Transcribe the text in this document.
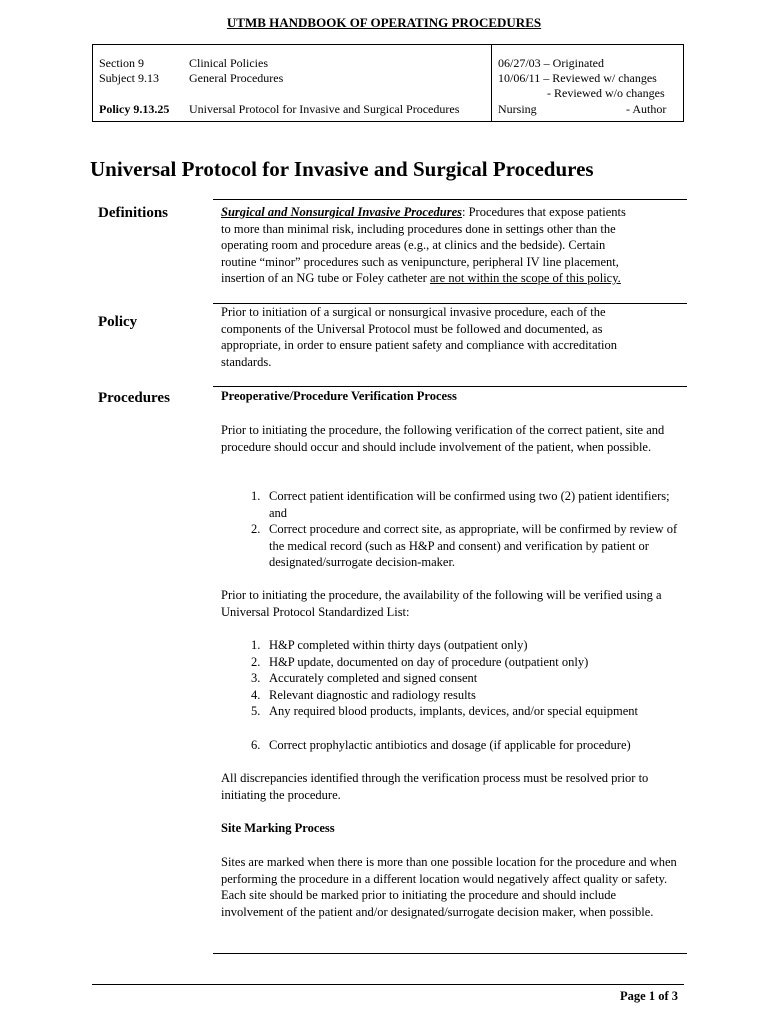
UTMB HANDBOOK OF OPERATING PROCEDURES
Section 9	Clinical Policies
Subject 9.13	General Procedures
Policy 9.13.25 Universal Protocol for Invasive and Surgical Procedures
06/27/03 – Originated
10/06/11 – Reviewed w/ changes
- Reviewed w/o changes
Nursing	- Author
Universal Protocol for Invasive and Surgical Procedures
Definitions	Surgical and Nonsurgical Invasive Procedures: Procedures that expose patients

to more than minimal risk, including procedures done in settings other than the

operating room and procedure areas (e.g., at clinics and the bedside). Certain

routine “minor” procedures such as venipuncture, peripheral IV line placement,

insertion of an NG tube or Foley catheter are not within the scope of this policy.

Policy

Prior to initiation of a surgical or nonsurgical invasive procedure, each of the components of the Universal Protocol must be followed and documented, as appropriate, in order to ensure patient safety and compliance with accreditation standards.

Procedures	Preoperative/Procedure Verification Process

Prior to initiating the procedure, the following verification of the correct patient, site and procedure should occur and should include involvement of the patient, when possible.

1. Correct patient identification will be confirmed using two (2) patient identifiers; and
2. Correct procedure and correct site, as appropriate, will be confirmed by review of the medical record (such as H&P and consent) and verification by patient or designated/surrogate decision-maker.

Prior to initiating the procedure, the availability of the following will be verified using a Universal Protocol Standardized List:

1. H&P completed within thirty days (outpatient only)
2. H&P update, documented on day of procedure (outpatient only)
3. Accurately completed and signed consent
4. Relevant diagnostic and radiology results
5. Any required blood products, implants, devices, and/or special equipment
6. Correct prophylactic antibiotics and dosage (if applicable for procedure)

All discrepancies identified through the verification process must be resolved prior to initiating the procedure.

Site Marking Process

Sites are marked when there is more than one possible location for the procedure and when performing the procedure in a different location would negatively affect quality or safety. Each site should be marked prior to initiating the procedure and should include involvement of the patient and/or designated/surrogate decision maker, when possible.

Page 1 of 3
